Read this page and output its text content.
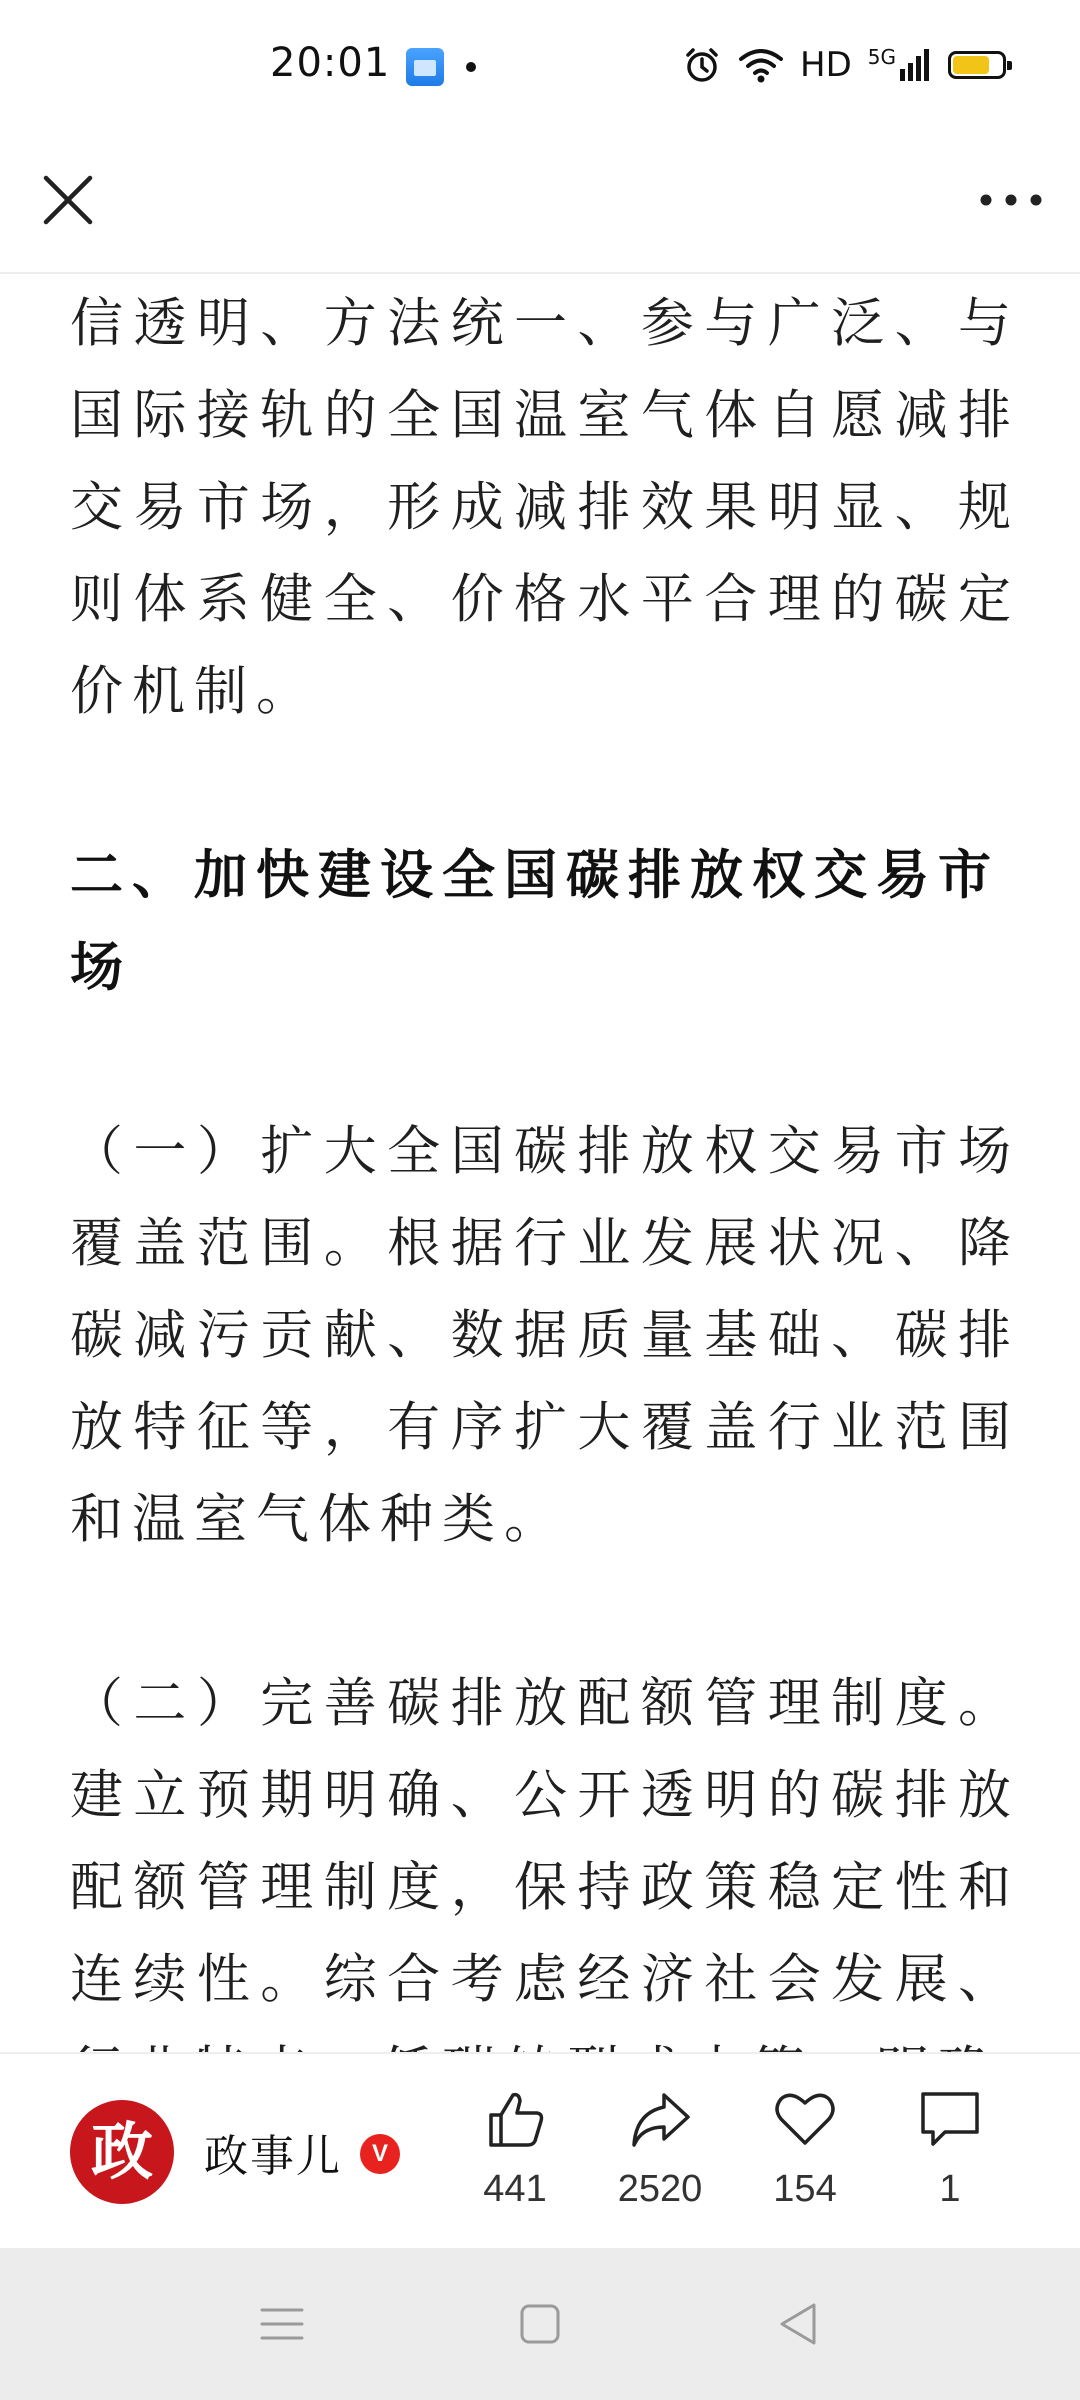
20:01	HD 5G

信透明、方法统一、参与广泛、与国际接轨的全国温室气体自愿减排交易市场，形成减排效果明显、规则体系健全、价格水平合理的碳定价机制。

二、加快建设全国碳排放权交易市场

（一）扩大全国碳排放权交易市场覆盖范围。根据行业发展状况、降碳减污贡献、数据质量基础、碳排放特征等，有序扩大覆盖行业范围和温室气体种类。

（二）完善碳排放配额管理制度。建立预期明确、公开透明的碳排放配额管理制度，保持政策稳定性和连续性。综合考虑经济社会发展、

政 政事儿	V
441 2520 154	1
